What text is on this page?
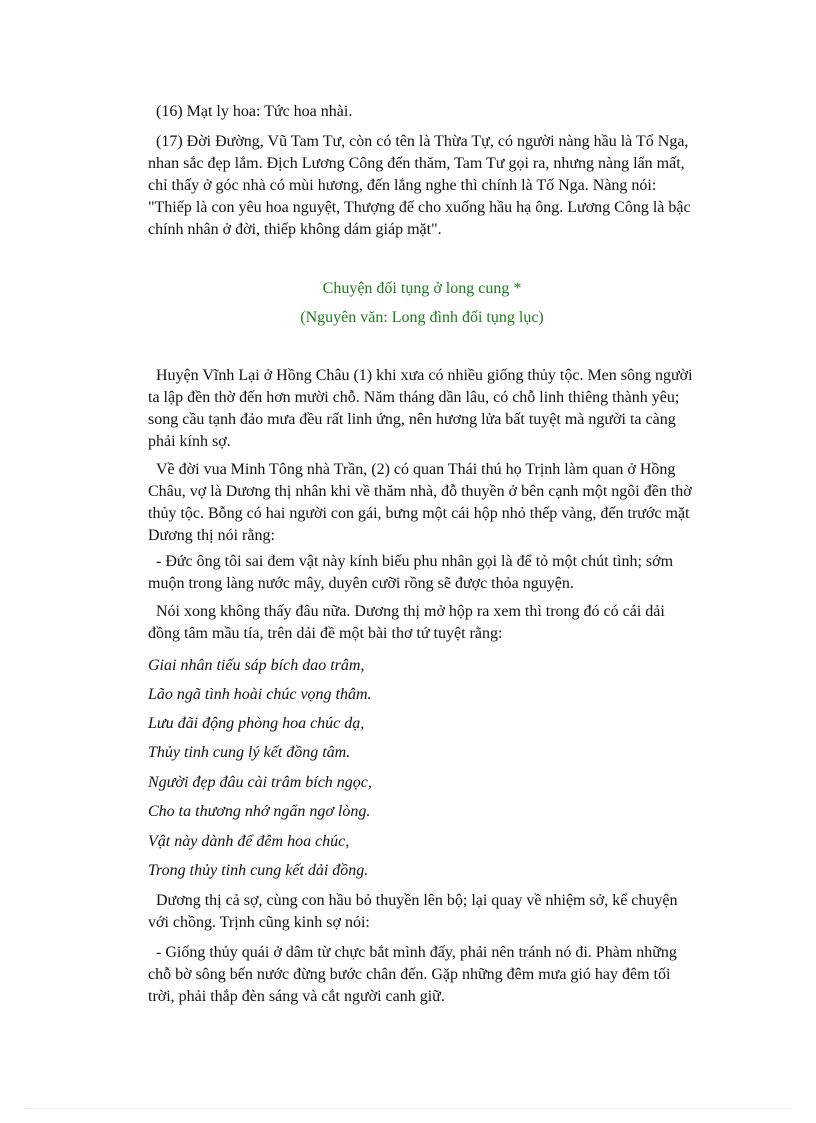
(16) Mạt ly hoa: Tức hoa nhài.

(17) Đời Đường, Vũ Tam Tư, còn có tên là Thừa Tự, có người nàng hầu là Tố Nga, nhan sắc đẹp lắm. Địch Lương Công đến thăm, Tam Tư gọi ra, nhưng nàng lẩn mất, chỉ thấy ở góc nhà có mùi hương, đến lắng nghe thì chính là Tố Nga. Nàng nói: "Thiếp là con yêu hoa nguyệt, Thượng đế cho xuống hầu hạ ông. Lương Công là bậc chính nhân ở đời, thiếp không dám giáp mặt".

Chuyện đối tụng ở long cung *

(Nguyên văn: Long đình đối tụng lục)

Huyện Vĩnh Lại ở Hồng Châu (1) khi xưa có nhiều giống thủy tộc. Men sông người ta lập đền thờ đến hơn mười chỗ. Năm tháng dần lâu, có chỗ linh thiêng thành yêu; song cầu tạnh đảo mưa đều rất linh ứng, nên hương lửa bất tuyệt mà người ta càng phải kính sợ.

Về đời vua Minh Tông nhà Trần, (2) có quan Thái thú họ Trịnh làm quan ở Hồng Châu, vợ là Dương thị nhân khi về thăm nhà, đỗ thuyền ở bên cạnh một ngôi đền thờ thủy tộc. Bỗng có hai người con gái, bưng một cái hộp nhỏ thếp vàng, đến trước mặt Dương thị nói rằng:

- Đức ông tôi sai đem vật này kính biếu phu nhân gọi là để tỏ một chút tình; sớm muộn trong làng nước mây, duyên cưỡi rồng sẽ được thỏa nguyện.

Nói xong không thấy đâu nữa. Dương thị mở hộp ra xem thì trong đó có cái dải đồng tâm mầu tía, trên dải đề một bài thơ tứ tuyệt rằng:

Giai nhân tiếu sáp bích dao trâm,

Lão ngã tình hoài chúc vọng thâm.

Lưu đãi động phòng hoa chúc dạ,

Thủy tinh cung lý kết đồng tâm.

Người đẹp đâu cài trâm bích ngọc,

Cho ta thương nhớ ngẩn ngơ lòng.

Vật này dành để đêm hoa chúc,

Trong thủy tinh cung kết dải đồng.

Dương thị cả sợ, cùng con hầu bỏ thuyền lên bộ; lại quay về nhiệm sở, kể chuyện với chồng. Trịnh cũng kinh sợ nói:

- Giống thủy quái ở dâm từ chực bắt mình đấy, phải nên tránh nó đi. Phàm những chỗ bờ sông bến nước đừng bước chân đến. Gặp những đêm mưa gió hay đêm tối trời, phải thắp đèn sáng và cắt người canh giữ.
